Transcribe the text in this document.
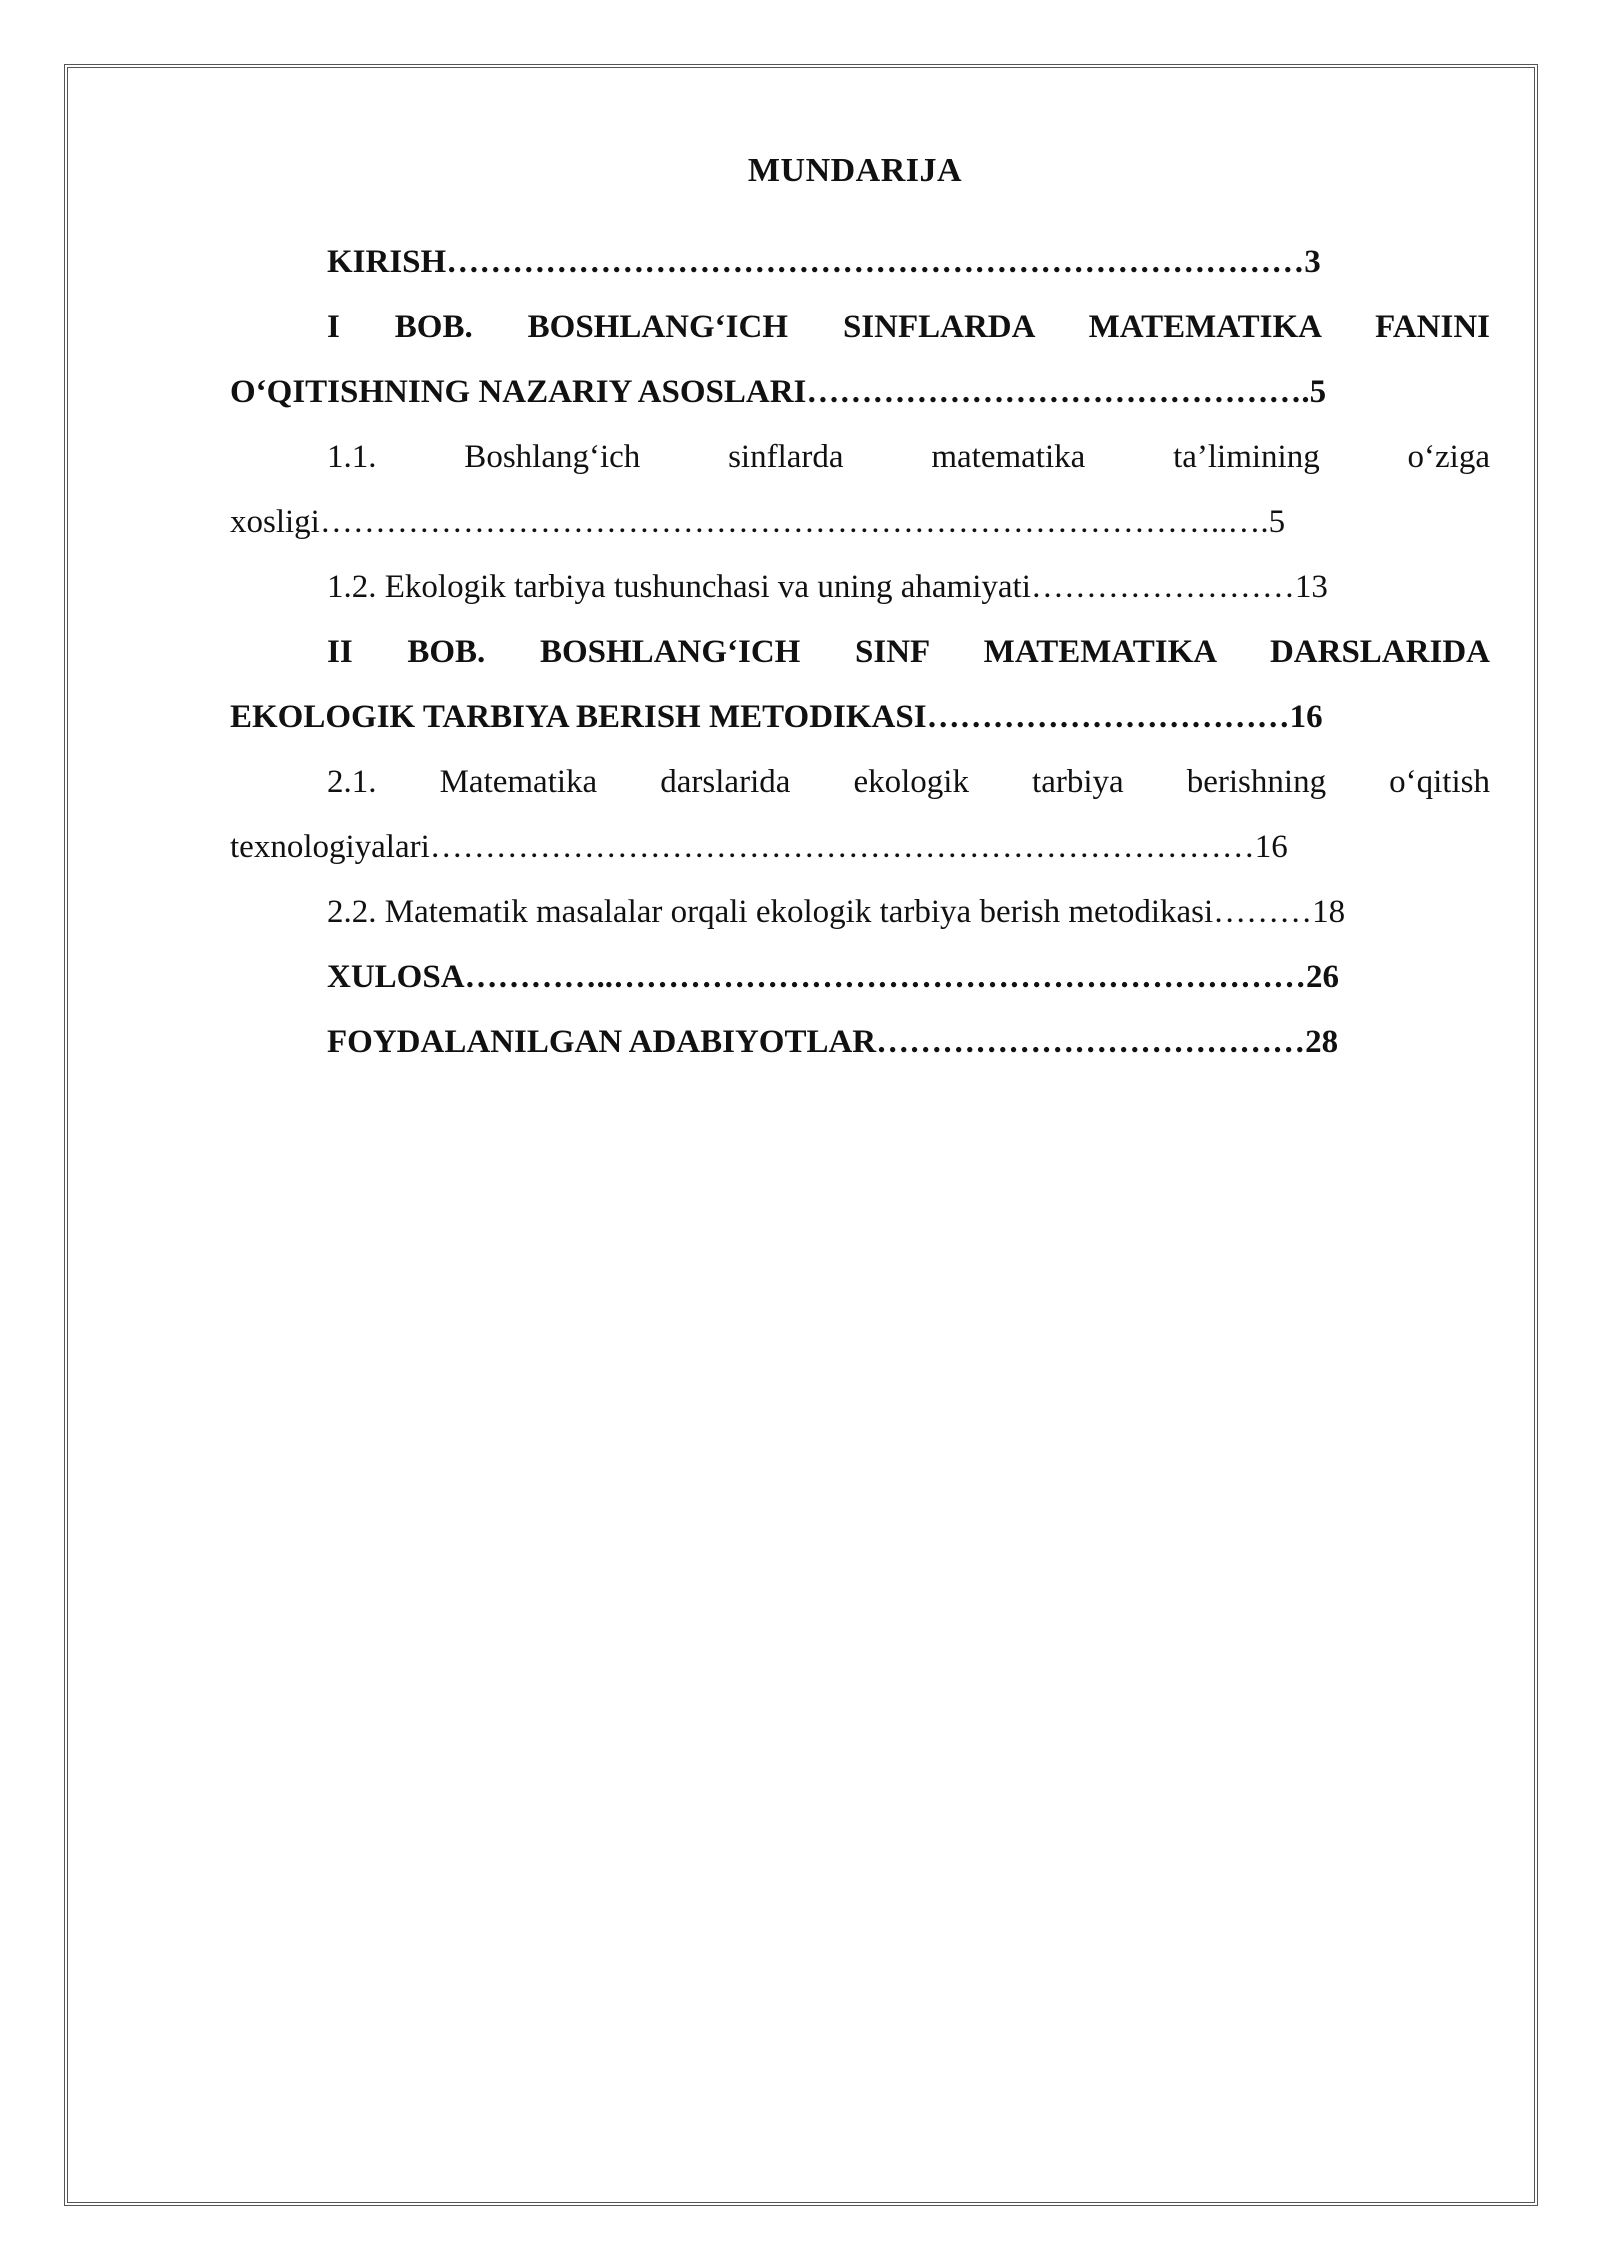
MUNDARIJA

KIRISH……………………………………………………………………3

I BOB. BOSHLANG‘ICH SINFLARDA MATEMATIKA FANINI

O‘QITISHNING NAZARIY ASOSLARI……………………………………….5

1.1. Boshlang‘ich sinflarda matematika ta’limining o‘ziga

xosligi………………………………………………………………………..….5

1.2. Ekologik tarbiya tushunchasi va uning ahamiyati……………………13

II BOB. BOSHLANG‘ICH SINF MATEMATIKA DARSLARIDA

EKOLOGIK TARBIYA BERISH METODIKASI……………………………16

2.1. Matematika darslarida ekologik tarbiya berishning o‘qitish

texnologiyalari…………………………………………………………………16

2.2. Matematik masalalar orqali ekologik tarbiya berish metodikasi………18

XULOSA…………..………………………………………………………26

FOYDALANILGAN ADABIYOTLAR…………………………………28
